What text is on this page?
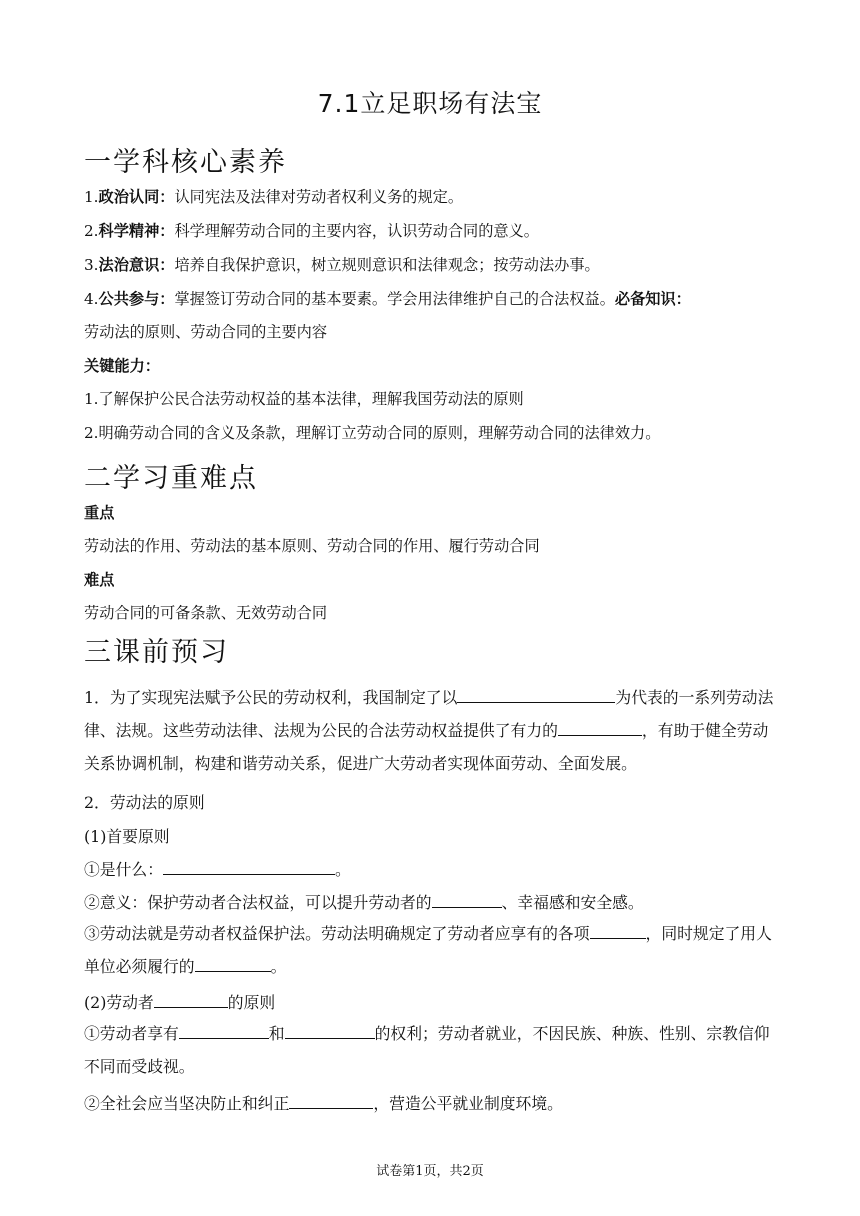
7.1立足职场有法宝
一学科核心素养
1.政治认同：认同宪法及法律对劳动者权利义务的规定。
2.科学精神：科学理解劳动合同的主要内容，认识劳动合同的意义。
3.法治意识：培养自我保护意识，树立规则意识和法律观念；按劳动法办事。
4.公共参与：掌握签订劳动合同的基本要素。学会用法律维护自己的合法权益。必备知识：
劳动法的原则、劳动合同的主要内容
关键能力：
1.了解保护公民合法劳动权益的基本法律，理解我国劳动法的原则
2.明确劳动合同的含义及条款，理解订立劳动合同的原则，理解劳动合同的法律效力。
二学习重难点
重点
劳动法的作用、劳动法的基本原则、劳动合同的作用、履行劳动合同
难点
劳动合同的可备条款、无效劳动合同
三课前预习
1．为了实现宪法赋予公民的劳动权利，我国制定了以	为代表的一系列劳动法律、法规。这些劳动法律、法规为公民的合法劳动权益提供了有力的	，有助于健全劳动关系协调机制，构建和谐劳动关系，促进广大劳动者实现体面劳动、全面发展。
2．劳动法的原则
(1)首要原则
①是什么：	。
②意义：保护劳动者合法权益，可以提升劳动者的	、幸福感和安全感。
③劳动法就是劳动者权益保护法。劳动法明确规定了劳动者应享有的各项	，同时规定了用人单位必须履行的	。
(2)劳动者	的原则
①劳动者享有	和	的权利；劳动者就业，不因民族、种族、性别、宗教信仰不同而受歧视。
②全社会应当坚决防止和纠正	，营造公平就业制度环境。
试卷第1页，共2页
